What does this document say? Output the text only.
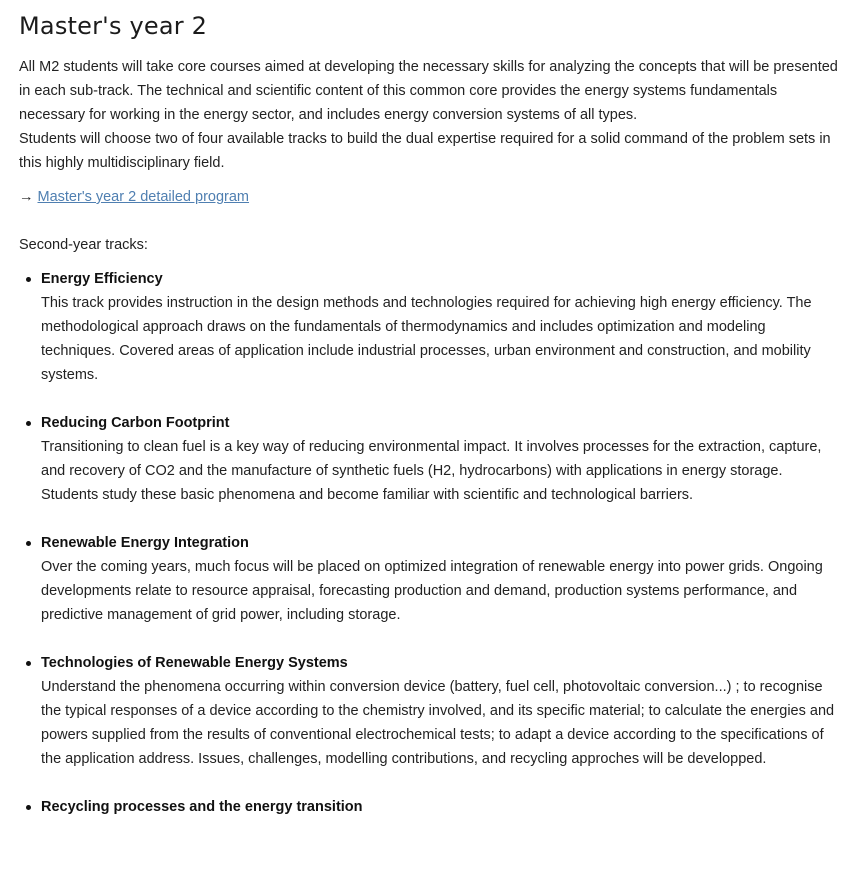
Master's year 2

All M2 students will take core courses aimed at developing the necessary skills for analyzing the concepts that will be presented in each sub-track. The technical and scientific content of this common core provides the energy systems fundamentals necessary for working in the energy sector, and includes energy conversion systems of all types.

Students will choose two of four available tracks to build the dual expertise required for a solid command of the problem sets in this highly multidisciplinary field.

→ Master's year 2 detailed program
Second-year tracks:
Energy Efficiency
This track provides instruction in the design methods and technologies required for achieving high energy efficiency. The methodological approach draws on the fundamentals of thermodynamics and includes optimization and modeling techniques. Covered areas of application include industrial processes, urban environment and construction, and mobility systems.
Reducing Carbon Footprint
Transitioning to clean fuel is a key way of reducing environmental impact. It involves processes for the extraction, capture, and recovery of CO2 and the manufacture of synthetic fuels (H2, hydrocarbons) with applications in energy storage.
Students study these basic phenomena and become familiar with scientific and technological barriers.
Renewable Energy Integration
Over the coming years, much focus will be placed on optimized integration of renewable energy into power grids. Ongoing developments relate to resource appraisal, forecasting production and demand, production systems performance, and predictive management of grid power, including storage.
Technologies of Renewable Energy Systems
Understand the phenomena occurring within conversion device (battery, fuel cell, photovoltaic conversion...) ; to recognise the typical responses of a device according to the chemistry involved, and its specific material; to calculate the energies and powers supplied from the results of conventional electrochemical tests; to adapt a device according to the specifications of the application address. Issues, challenges, modelling contributions, and recycling approches will be developped.
Recycling processes and the energy transition
